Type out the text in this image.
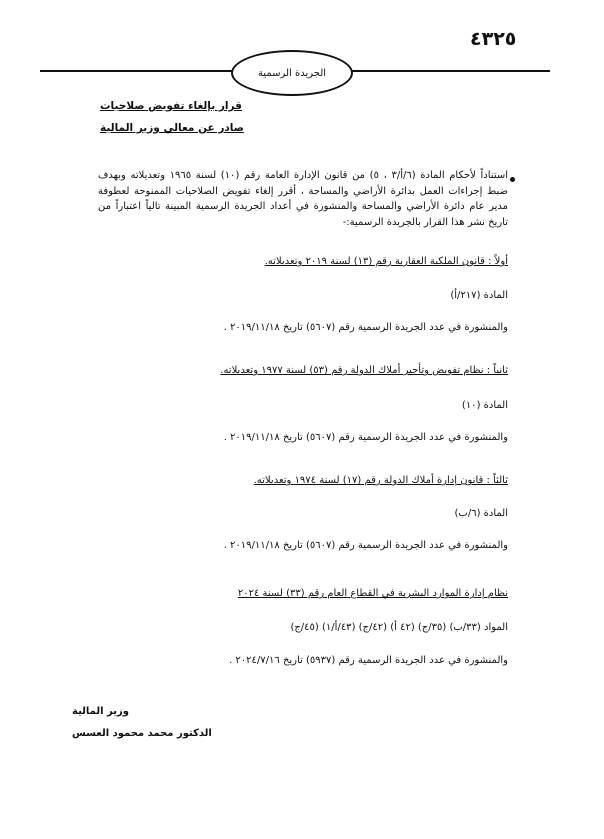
٤٣٢٥
الجريدة الرسمية
قرار بإلغاء تفويض صلاحيات
صادر عن معالي وزير المالية
استناداً لأحكام المادة (٦/أ/٣ ، ٥) من قانون الإدارة العامة رقم (١٠) لسنة ١٩٦٥ وتعديلاته وبهدف ضبط إجراءات العمل بدائرة الأراضي والمساحة ، أقرر إلغاء تفويض الصلاحيات الممنوحة لعطوفة مدير عام دائرة الأراضي والمساحة والمنشورة في أعداد الجريدة الرسمية المبينة تالياً اعتباراً من تاريخ نشر هذا القرار بالجريدة الرسمية:-
أولاً : قانون الملكية العقارية رقم (١٣) لسنة ٢٠١٩ وتعديلاته.
المادة (٢١٧/أ)
والمنشورة في عدد الجريدة الرسمية رقم (٥٦٠٧) تاريخ ٢٠١٩/١١/١٨ .
ثانياً : نظام تفويض وتأجير أملاك الدولة رقم (٥٣) لسنة ١٩٧٧ وتعديلاته.
المادة (١٠)
والمنشورة في عدد الجريدة الرسمية رقم (٥٦٠٧) تاريخ ٢٠١٩/١١/١٨ .
ثالثاً : قانون إدارة أملاك الدولة رقم (١٧) لسنة ١٩٧٤ وتعديلاته.
المادة (٦/ب)
والمنشورة في عدد الجريدة الرسمية رقم (٥٦٠٧) تاريخ ٢٠١٩/١١/١٨ .
نظام إدارة الموارد البشرية في القطاع العام رقم (٣٣) لسنة ٢٠٢٤
المواد (٣٣/ب) (٣٥/ج) (٤٢ أ) (٤٢/ج) (٤٣/أ/١) (٤٥/ج)
والمنشورة في عدد الجريدة الرسمية رقم (٥٩٣٧) تاريخ ٢٠٢٤/٧/١٦ .
وزير المالية
الدكتور محمد محمود العسس
